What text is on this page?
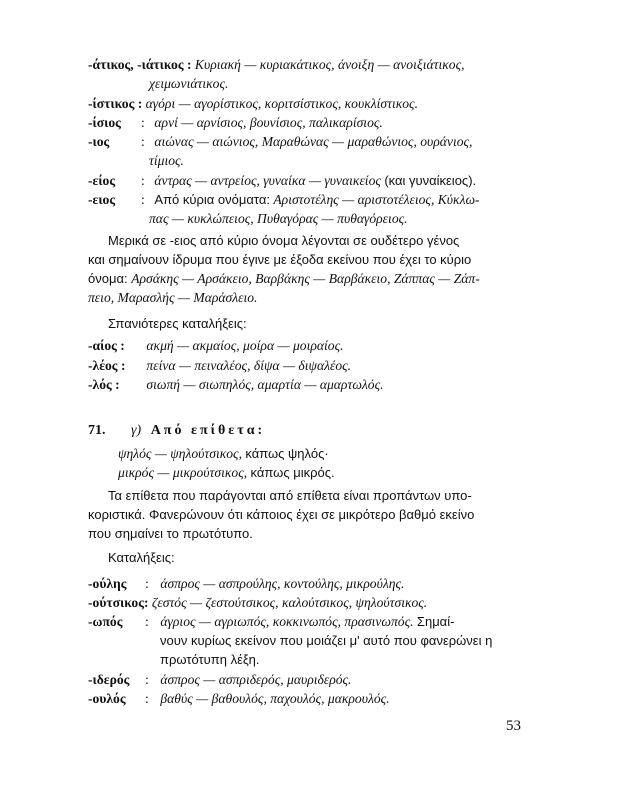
-άτικος, -ιάτικος : Κυριακή — κυριακάτικος, άνοιξη — ανοιξιάτικος,
χειμωνιάτικος.
-ίστικος : αγόρι — αγορίστικος, κοριτσίστικος, κουκλίστικος.
-ίσιος : αρνί — αρνίσιος, βουνίσιος, παλικαρίσιος.
-ιος : αιώνας — αιώνιος, Μαραθώνας — μαραθώνιος, ουράνιος,
τίμιος.
-είος : άντρας — αντρείος, γυναίκα — γυναικείος (και γυναίκειος).
-ειος : Από κύρια ονόματα: Αριστοτέλης — αριστοτέλειος, Κύκλω-
πας — κυκλώπειος, Πυθαγόρας — πυθαγόρειος.
Μερικά σε -ειος από κύριο όνομα λέγονται σε ουδέτερο γένος
και σημαίνουν ίδρυμα που έγινε με έξοδα εκείνου που έχει το κύριο
όνομα: Αρσάκης — Αρσάκειο, Βαρβάκης — Βαρβάκειο, Ζάππας — Ζάπ-
πειο, Μαρασλής — Μαράσλειο.
Σπανιότερες καταλήξεις:
-αίος : ακμή — ακμαίος, μοίρα — μοιραίος.
-λέος : πείνα — πειναλέος, δίψα — διψαλέος.
-λός : σιωπή — σιωπηλός, αμαρτία — αμαρτωλός.
71. γ) Από επίθετα:
ψηλός — ψηλούτσικος, κάπως ψηλός·
μικρός — μικρούτσικος, κάπως μικρός.
Τα επίθετα που παράγονται από επίθετα είναι προπάντων υπο-
κοριστικά. Φανερώνουν ότι κάποιος έχει σε μικρότερο βαθμό εκείνο
που σημαίνει το πρωτότυπο.
Καταλήξεις:
-ούλης : άσπρος — ασπρούλης, κοντούλης, μικρούλης.
-ούτσικος: ζεστός — ζεστούτσικος, καλούτσικος, ψηλούτσικος.
-ωπός : άγριος — αγριωπός, κοκκινωπός, πρασινωπός. Σημαί-
νουν κυρίως εκείνον που μοιάζει μ' αυτό που φανερώνει η
πρωτότυπη λέξη.
-ιδερός : άσπρος — ασπριδερός, μαυριδερός.
-ουλός : βαθύς — βαθουλός, παχουλός, μακρουλός.
53
